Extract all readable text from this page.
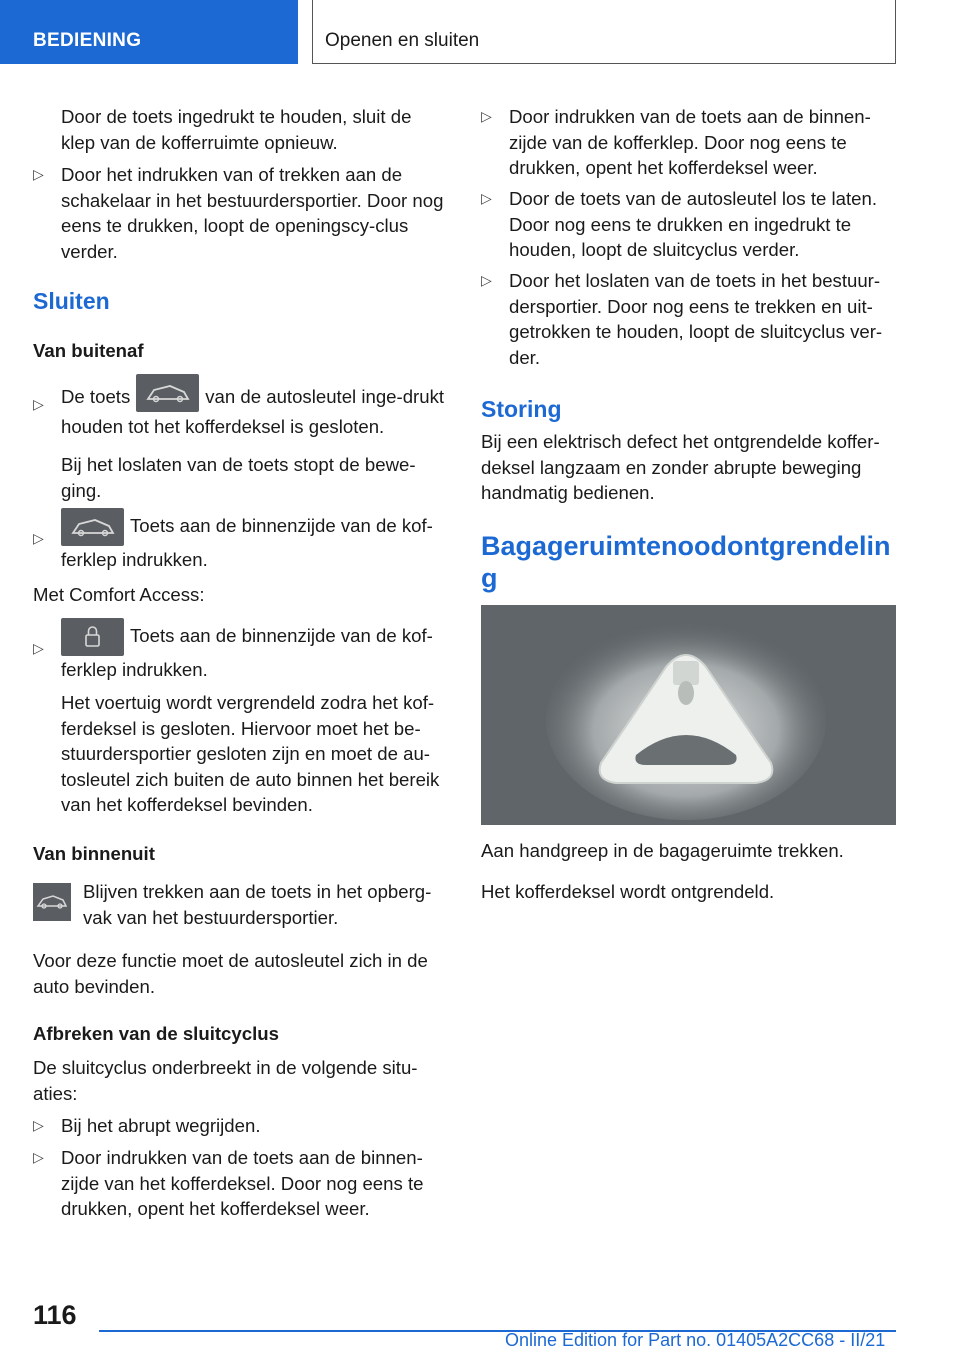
BEDIENING	Openen en sluiten
Door de toets ingedrukt te houden, sluit de klep van de kofferruimte opnieuw.
▷ Door het indrukken van of trekken aan de schakelaar in het bestuurdersportier. Door nog eens te drukken, loopt de openingscy‐clus verder.
Sluiten
Van buitenaf
▷ De toets	van de autosleutel inge‐drukt houden tot het kofferdeksel is gesloten.
Bij het loslaten van de toets stopt de bewe‐ging.
▷
Toets aan de binnenzijde van de kof‐ferklep indrukken.
Met Comfort Access:
▷
Toets aan de binnenzijde van de kof‐ferklep indrukken.
Het voertuig wordt vergrendeld zodra het kof‐ferdeksel is gesloten. Hiervoor moet het be‐stuurdersportier gesloten zijn en moet de au‐tosleutel zich buiten de auto binnen het bereik van het kofferdeksel bevinden.
Van binnenuit
Blijven trekken aan de toets in het opberg‐vak van het bestuurdersportier.
Voor deze functie moet de autosleutel zich in de auto bevinden.
Afbreken van de sluitcyclus
De sluitcyclus onderbreekt in de volgende situ‐aties:
▷ Bij het abrupt wegrijden.
▷ Door indrukken van de toets aan de binnen‐zijde van het kofferdeksel. Door nog eens te drukken, opent het kofferdeksel weer.
▷ Door indrukken van de toets aan de binnen‐zijde van de kofferklep. Door nog eens te drukken, opent het kofferdeksel weer.
▷ Door de toets van de autosleutel los te laten. Door nog eens te drukken en ingedrukt te houden, loopt de sluitcyclus verder.
▷ Door het loslaten van de toets in het bestuur‐dersportier. Door nog eens te trekken en uit‐getrokken te houden, loopt de sluitcyclus ver‐der.
Storing
Bij een elektrisch defect het ontgrendelde koffer‐deksel langzaam en zonder abrupte beweging handmatig bedienen.
Bagageruimtenoodontgrendelin g
Aan handgreep in de bagageruimte trekken.
Het kofferdeksel wordt ontgrendeld.
116
Online Edition for Part no. 01405A2CC68 - II/21
